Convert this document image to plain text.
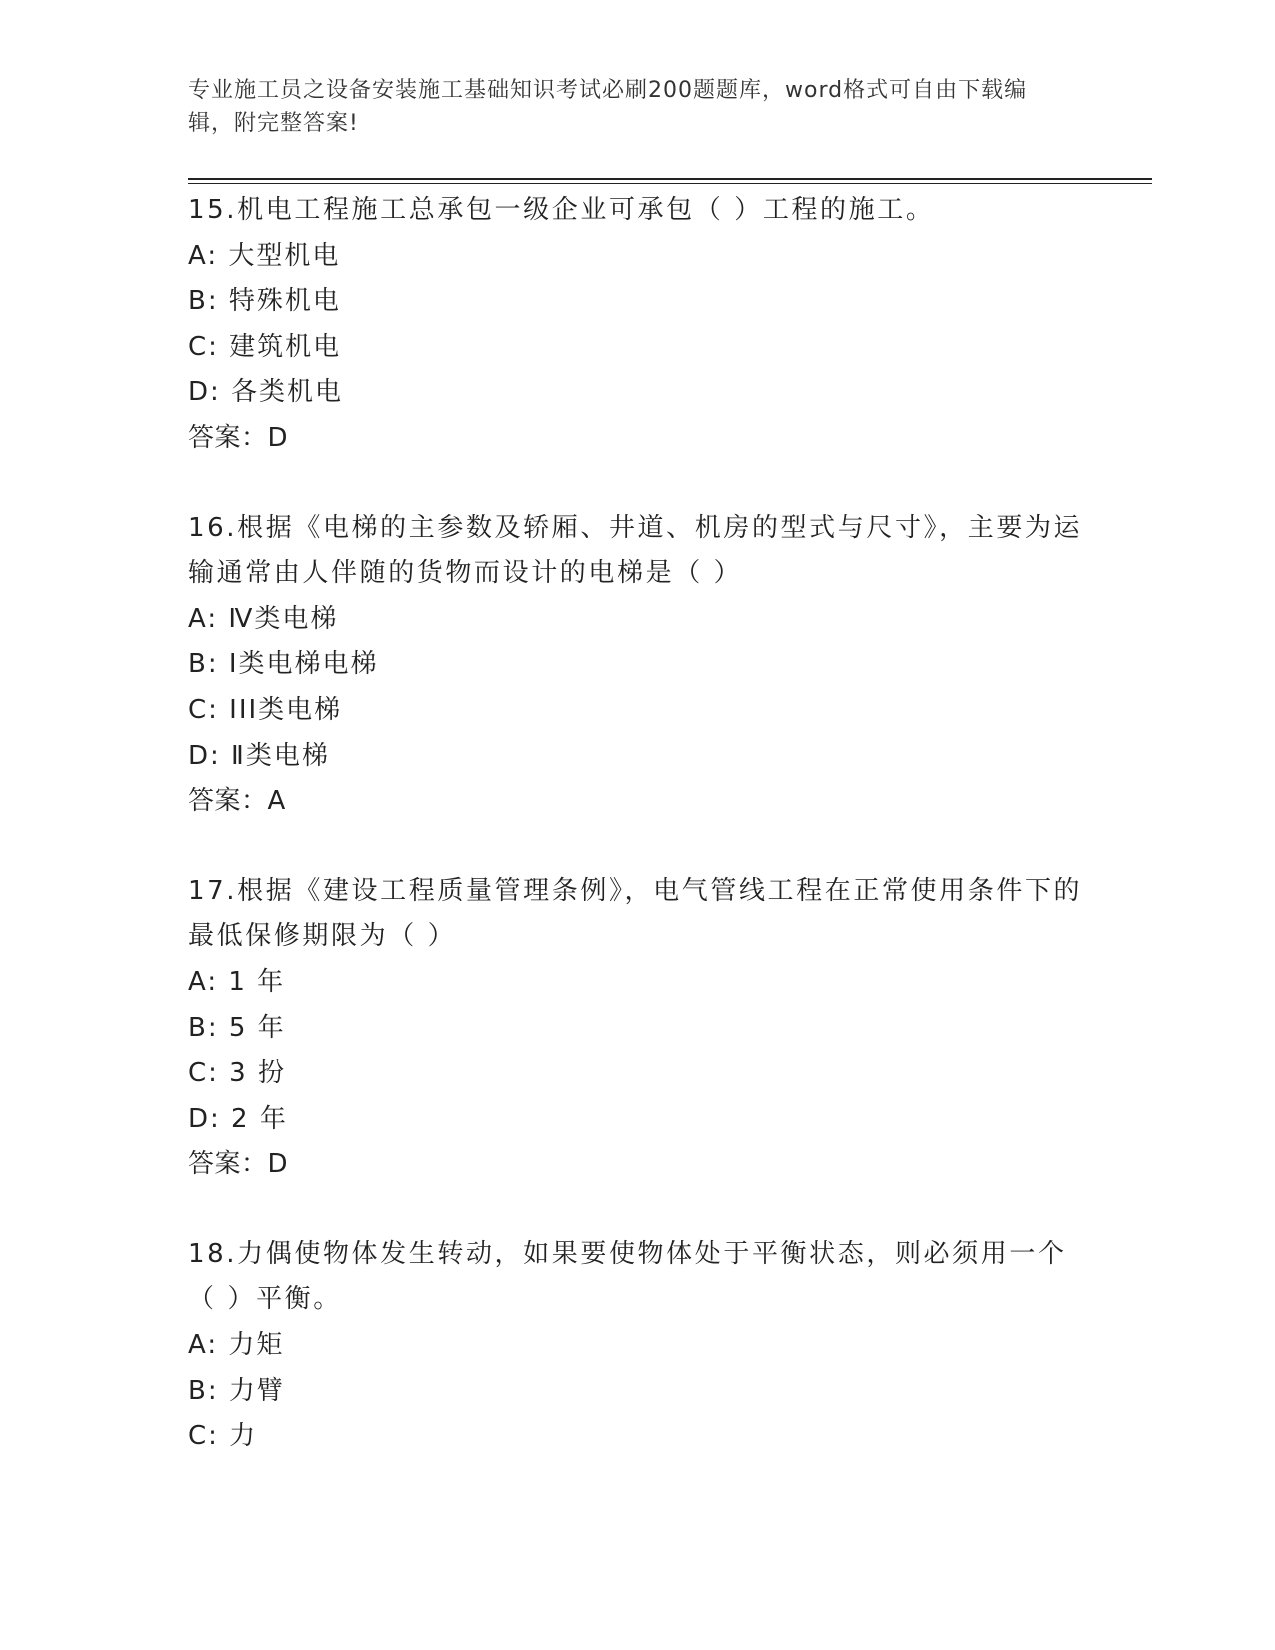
专业施工员之设备安装施工基础知识考试必刷200题题库，word格式可自由下载编辑，附完整答案!
15.机电工程施工总承包一级企业可承包（ ）工程的施工。
A: 大型机电
B: 特殊机电
C: 建筑机电
D: 各类机电
答案：D
16.根据《电梯的主参数及轿厢、井道、机房的型式与尺寸》，主要为运输通常由人伴随的货物而设计的电梯是（ ）
A: Ⅳ类电梯
B: Ⅰ类电梯电梯
C: III类电梯
D: Ⅱ类电梯
答案：A
17.根据《建设工程质量管理条例》，电气管线工程在正常使用条件下的最低保修期限为（ ）
A: 1 年
B: 5 年
C: 3 扮
D: 2 年
答案：D
18.力偶使物体发生转动，如果要使物体处于平衡状态，则必须用一个（ ）平衡。
A: 力矩
B: 力臂
C: 力
